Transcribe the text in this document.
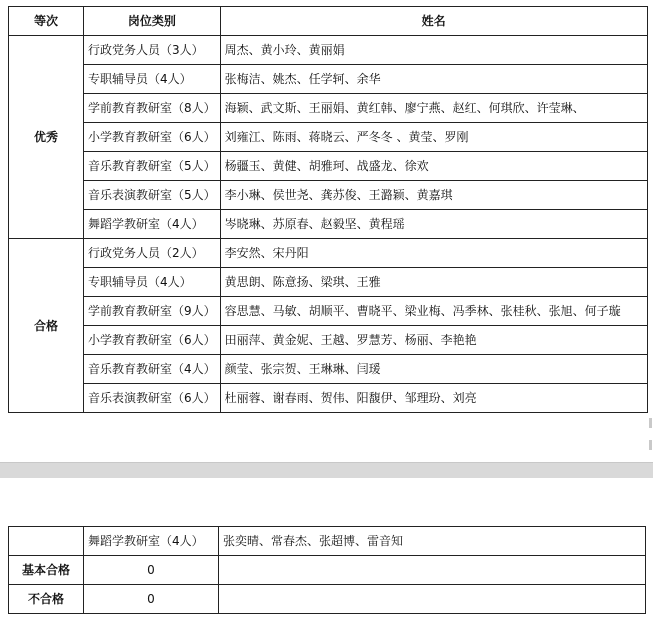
等次	岗位类别	姓名
优秀	行政党务人员（3人）	周杰、黄小玲、黄丽娟
	专职辅导员（4人）	张梅洁、姚杰、任学轲、余华
	学前教育教研室（8人）	海颖、武文斯、王丽娟、黄红韩、廖宁燕、赵红、何琪欣、许莹琳、
	小学教育教研室（6人）	刘雍江、陈雨、蒋晓云、严冬冬 、黄莹、罗刚
	音乐教育教研室（5人）	杨疆玉、黄健、胡雅珂、战盛龙、徐欢
	音乐表演教研室（5人）	李小琳、侯世尧、龚苏俊、王潞颖、黄嘉琪
	舞蹈学教研室（4人）	岑晓琳、苏原春、赵毅坚、黄程瑶
合格	行政党务人员（2人）	李安然、宋丹阳
	专职辅导员（4人）	黄思朗、陈意扬、梁琪、王雅
	学前教育教研室（9人）	容思慧、马敏、胡顺平、曹晓平、梁业梅、冯季林、张桂秋、张旭、何子璇
	小学教育教研室（6人）	田丽萍、黄金妮、王越、罗慧芳、杨丽、李艳艳
	音乐教育教研室（4人）	颜莹、张宗贺、王琳琳、闫瑗
	音乐表演教研室（6人）	杜丽蓉、谢春雨、贺伟、阳馥伊、邹理玢、刘亮
	舞蹈学教研室（4人）	张奕晴、常春杰、张超博、雷音知
基本合格	0	
不合格	0	
